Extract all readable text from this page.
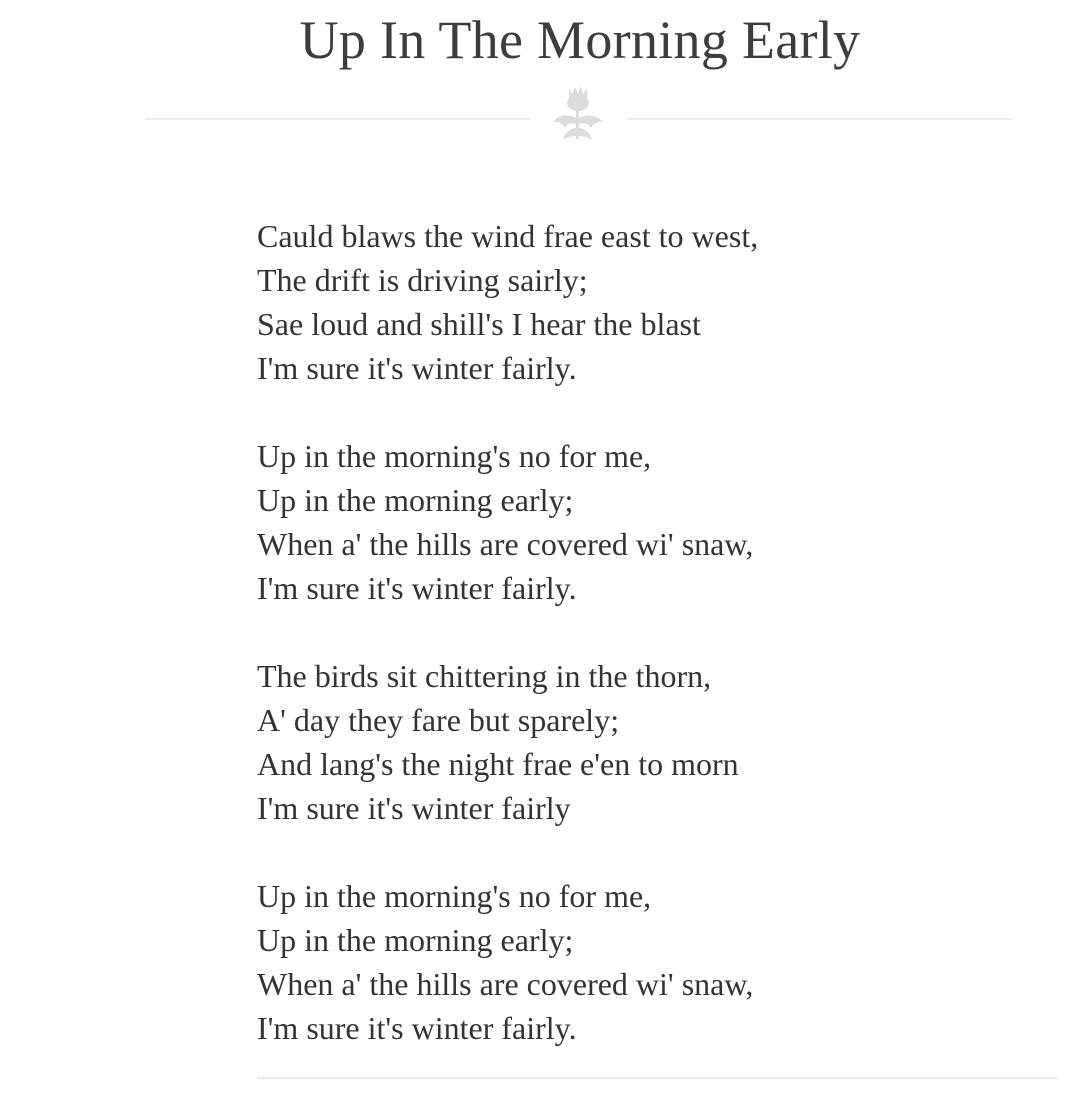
Up In The Morning Early
Cauld blaws the wind frae east to west,
The drift is driving sairly;
Sae loud and shill's I hear the blast
I'm sure it's winter fairly.
Up in the morning's no for me,
Up in the morning early;
When a' the hills are covered wi' snaw,
I'm sure it's winter fairly.
The birds sit chittering in the thorn,
A' day they fare but sparely;
And lang's the night frae e'en to morn
I'm sure it's winter fairly
Up in the morning's no for me,
Up in the morning early;
When a' the hills are covered wi' snaw,
I'm sure it's winter fairly.
